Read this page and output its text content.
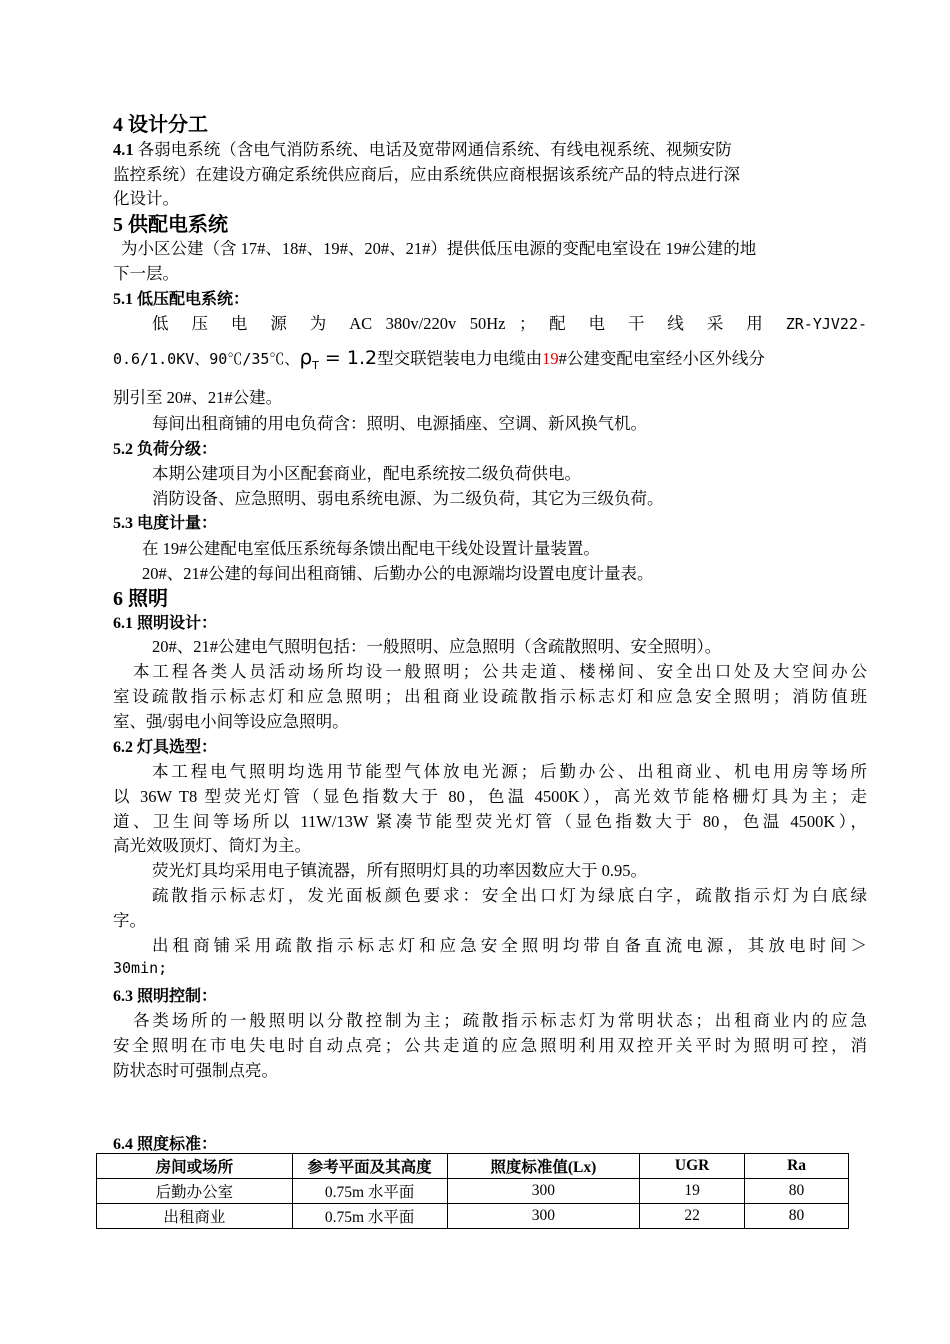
4 设计分工
4.1 各弱电系统（含电气消防系统、电话及宽带网通信系统、有线电视系统、视频安防
监控系统）在建设方确定系统供应商后，应由系统供应商根据该系统产品的特点进行深
化设计。
5 供配电系统
为小区公建（含 17#、18#、19#、20#、21#）提供低压电源的变配电室设在 19#公建的地
下一层。
5.1 低压配电系统：
低 压 电 源 为 AC 380v/220v 50Hz ； 配 电 干 线 采 用 ZR-YJV22-
0.6/1.0KV、90℃/35℃、$\rho_T = 1.2$型交联铠装电力电缆由19#公建变配电室经小区外线分
别引至 20#、21#公建。
每间出租商铺的用电负荷含：照明、电源插座、空调、新风换气机。
5.2 负荷分级：
本期公建项目为小区配套商业，配电系统按二级负荷供电。
消防设备、应急照明、弱电系统电源、为二级负荷，其它为三级负荷。
5.3 电度计量：
在 19#公建配电室低压系统每条馈出配电干线处设置计量装置。
20#、21#公建的每间出租商铺、后勤办公的电源端均设置电度计量表。
6 照明
6.1 照明设计：
20#、21#公建电气照明包括：一般照明、应急照明（含疏散照明、安全照明）。
本工程各类人员活动场所均设一般照明；公共走道、楼梯间、安全出口处及大空间办公
室设疏散指示标志灯和应急照明；出租商业设疏散指示标志灯和应急安全照明；消防值班
室、强/弱电小间等设应急照明。
6.2 灯具选型：
本工程电气照明均选用节能型气体放电光源；后勤办公、出租商业、机电用房等场所
以 36W T8 型荧光灯管（显色指数大于 80，色温 4500K），高光效节能格栅灯具为主；走
道、卫生间等场所以 11W/13W 紧凑节能型荧光灯管（显色指数大于 80，色温 4500K），
高光效吸顶灯、筒灯为主。
荧光灯具均采用电子镇流器，所有照明灯具的功率因数应大于 0.95。
疏散指示标志灯，发光面板颜色要求：安全出口灯为绿底白字，疏散指示灯为白底绿
字。
出租商铺采用疏散指示标志灯和应急安全照明均带自备直流电源，其放电时间＞
30min;
6.3 照明控制：
各类场所的一般照明以分散控制为主；疏散指示标志灯为常明状态；出租商业内的应急
安全照明在市电失电时自动点亮；公共走道的应急照明利用双控开关平时为照明可控，消
防状态时可强制点亮。
6.4 照度标准：
房间或场所	参考平面及其高度	照度标准值(Lx)	UGR	Ra
后勤办公室	0.75m 水平面	300	19	80
出租商业	0.75m 水平面	300	22	80
